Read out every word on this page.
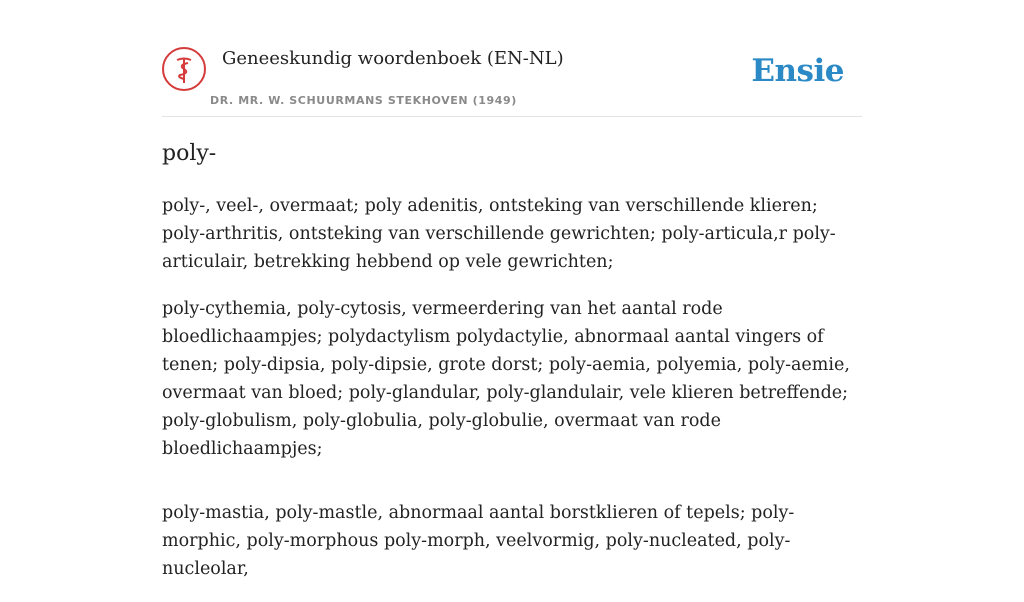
Geneeskundig woordenboek (EN-NL)
DR. MR. W. SCHUURMANS STEKHOVEN (1949)
Ensie
poly-

poly-, veel-, overmaat; poly adenitis, ontsteking van verschillende klieren; poly-arthritis, ontsteking van verschillende gewrichten; poly-articula,r poly-articulair, betrekking hebbend op vele gewrichten;

poly-cythemia, poly-cytosis, vermeerdering van het aantal rode bloedlichaampjes; polydactylism polydactylie, abnormaal aantal vingers of tenen; poly-dipsia, poly-dipsie, grote dorst; poly-aemia, polyemia, poly-aemie, overmaat van bloed; poly-glandular, poly-glandulair, vele klieren betreffende; poly-globulism, poly-globulia, poly-globulie, overmaat van rode bloedlichaampjes;

poly-mastia, poly-mastle, abnormaal aantal borstklieren of tepels; poly-morphic, poly-morphous poly-morph, veelvormig, poly-nucleated, poly-nucleolar,
